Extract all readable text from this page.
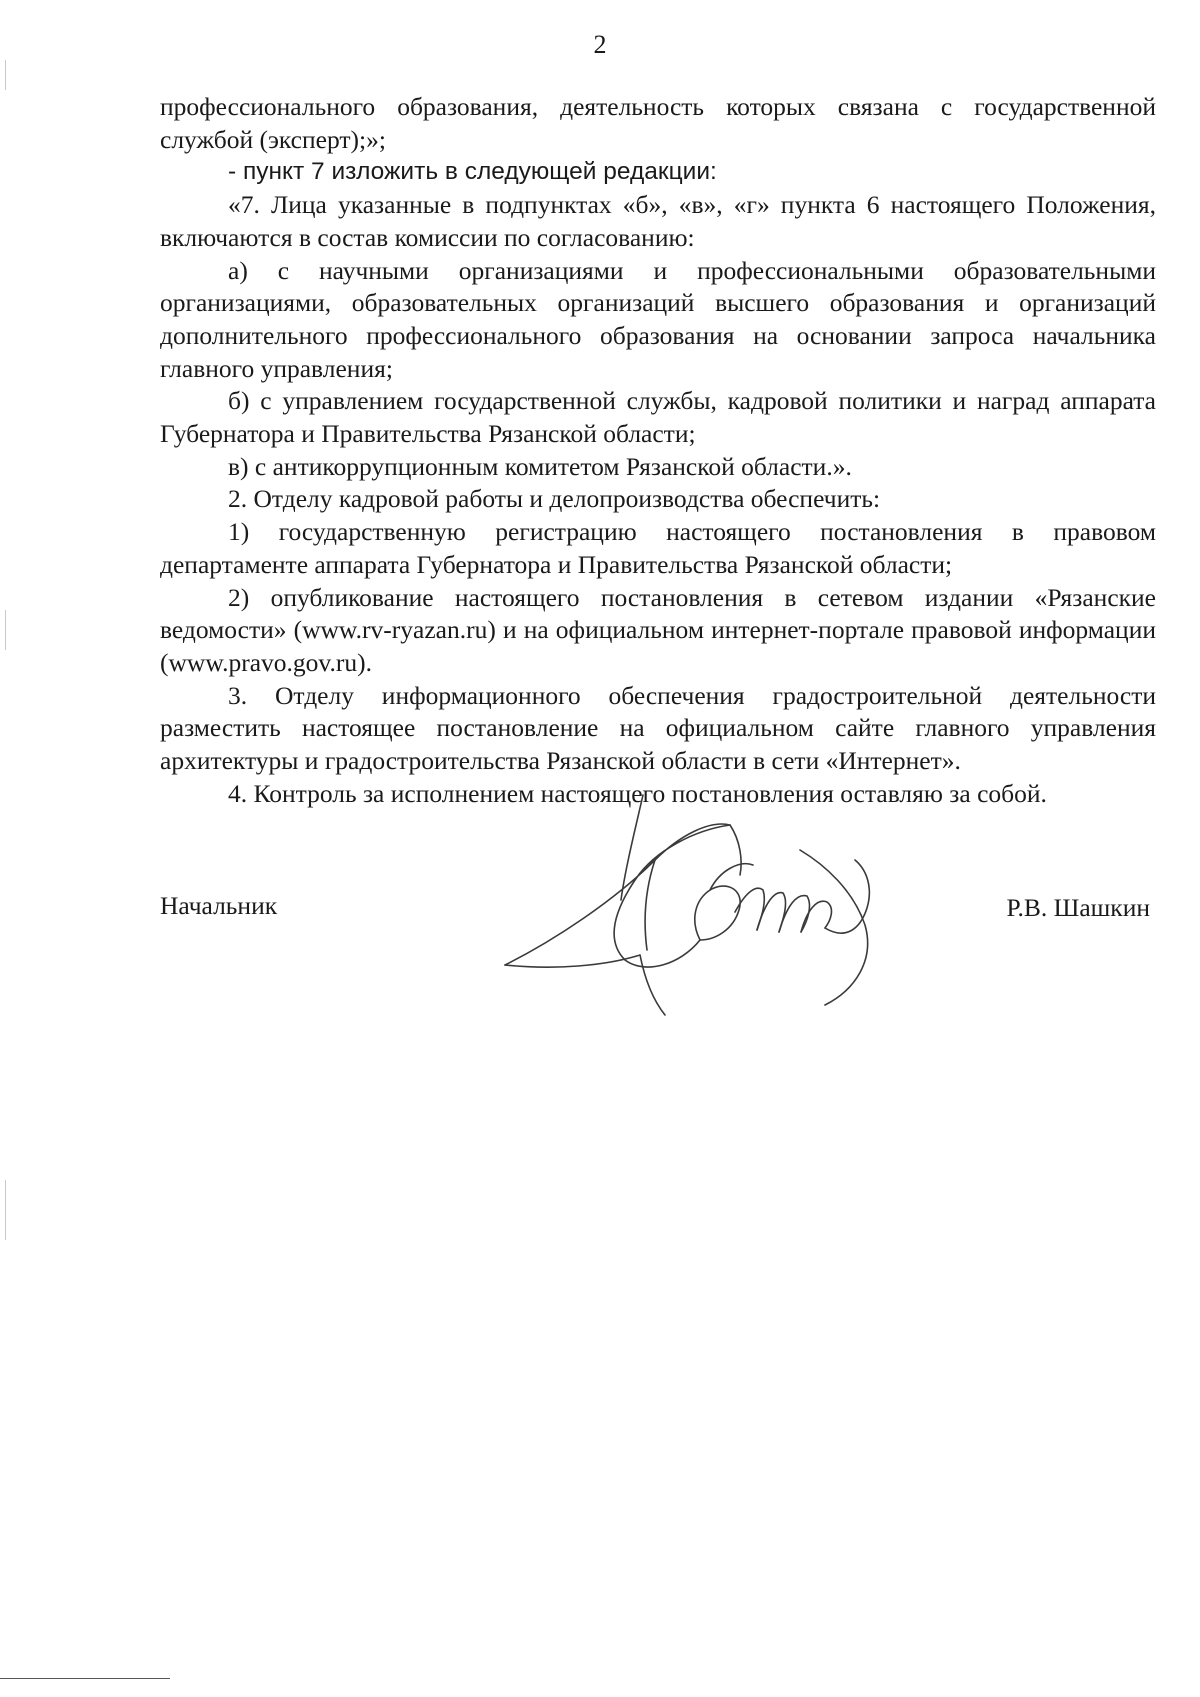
2

профессионального образования, деятельность которых связана с государственной службой (эксперт);»;

- пункт 7 изложить в следующей редакции:

«7. Лица указанные в подпунктах «б», «в», «г» пункта 6 настоящего Положения, включаются в состав комиссии по согласованию:

а) с научными организациями и профессиональными образовательными организациями, образовательных организаций высшего образования и организаций дополнительного профессионального образования на основании запроса начальника главного управления;

б) с управлением государственной службы, кадровой политики и наград аппарата Губернатора и Правительства Рязанской области;

в) с антикоррупционным комитетом Рязанской области.».

2. Отделу кадровой работы и делопроизводства обеспечить:

1) государственную регистрацию настоящего постановления в правовом департаменте аппарата Губернатора и Правительства Рязанской области;

2) опубликование настоящего постановления в сетевом издании «Рязанские ведомости» (www.rv-ryazan.ru) и на официальном интернет-портале правовой информации (www.pravo.gov.ru).

3. Отделу информационного обеспечения градостроительной деятельности разместить настоящее постановление на официальном сайте главного управления архитектуры и градостроительства Рязанской области в сети «Интернет».

4. Контроль за исполнением настоящего постановления оставляю за собой.

Начальник	Р.В. Шашкин
